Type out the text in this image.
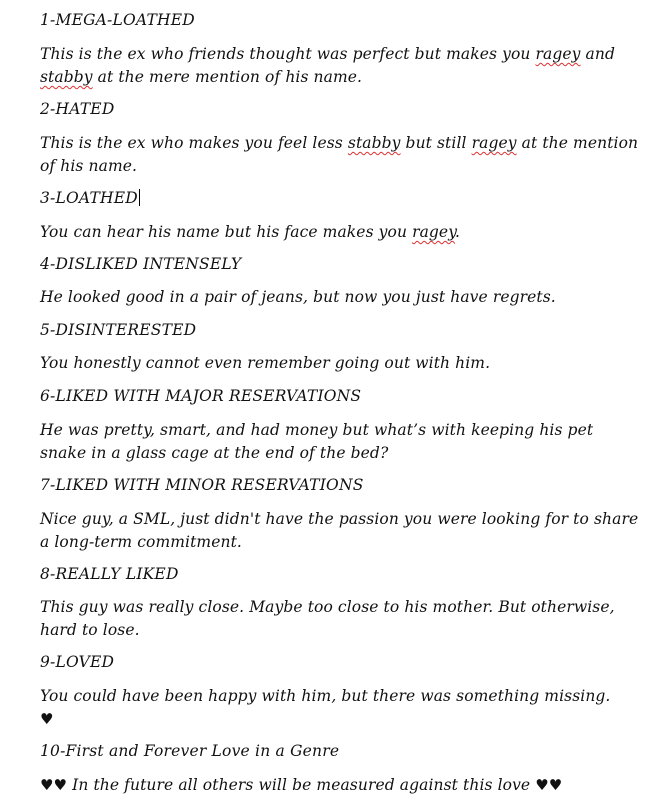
1-MEGA-LOATHED
This is the ex who friends thought was perfect but makes you ragey and stabby at the mere mention of his name.
2-HATED
This is the ex who makes you feel less stabby but still ragey at the mention of his name.
3-LOATHED
You can hear his name but his face makes you ragey.
4-DISLIKED INTENSELY
He looked good in a pair of jeans, but now you just have regrets.
5-DISINTERESTED
You honestly cannot even remember going out with him.
6-LIKED WITH MAJOR RESERVATIONS
He was pretty, smart, and had money but what’s with keeping his pet snake in a glass cage at the end of the bed?
7-LIKED WITH MINOR RESERVATIONS
Nice guy, a SML, just didn't have the passion you were looking for to share a long-term commitment.
8-REALLY LIKED
This guy was really close. Maybe too close to his mother. But otherwise, hard to lose.
9-LOVED
You could have been happy with him, but there was something missing.
♥
10-First and Forever Love in a Genre
♥♥ In the future all others will be measured against this love ♥♥
